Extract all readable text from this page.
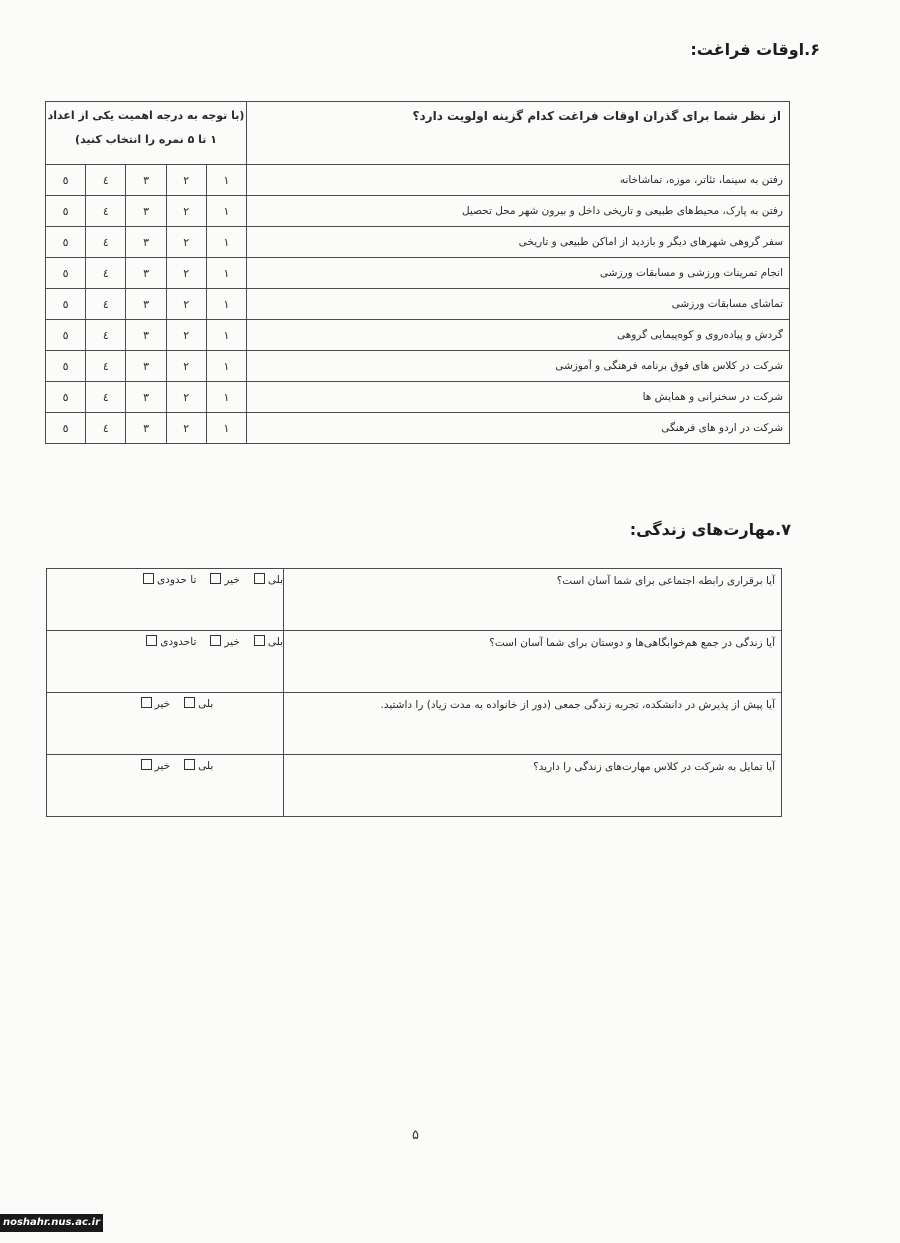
۶.اوقات فراغت:
از نظر شما برای گذران اوقات فراغت کدام گزینه اولویت دارد؟	(با توجه به درجه اهمیت یکی از اعداد
۱ تا ۵ نمره را انتخاب کنید)				

رفتن به سینما، تئاتر، موزه، تماشاخانه	۱	۲	۳	٤	٥
رفتن به پارک، محیط‌های طبیعی و تاریخی داخل و بیرون شهر محل تحصیل	۱	۲	۳	٤	٥
سفر گروهی شهرهای دیگر و بازدید از اماکن طبیعی و تاریخی	۱	۲	۳	٤	٥
انجام تمرینات ورزشی و مسابقات ورزشی	۱	۲	۳	٤	٥
تماشای مسابقات ورزشی	۱	۲	۳	٤	٥
گردش و پیاده‌روی و کوه‌پیمایی گروهی	۱	۲	۳	٤	٥
شرکت در کلاس های فوق برنامه فرهنگی و آموزشی	۱	۲	۳	٤	٥
شرکت در سخنرانی و همایش ها	۱	۲	۳	٤	٥
شرکت در اردو های فرهنگی	۱	۲	۳	٤	٥
۷.مهارت‌های زندگی:
آیا برقراری رابطه اجتماعی برای شما آسان است؟	بلی
خیر
تا حدودی

آیا زندگی در جمع هم‌خوابگاهی‌ها و دوستان برای شما آسان است؟	بلی
خیر
تاحدودی

آیا پیش از پذیرش در دانشکده، تجربه زندگی جمعی (دور از خانواده به مدت زیاد) را داشتید.	بلی
خیر

آیا تمایل به شرکت در کلاس مهارت‌های زندگی را دارید؟	بلی
خیر
۵
noshahr.nus.ac.ir
